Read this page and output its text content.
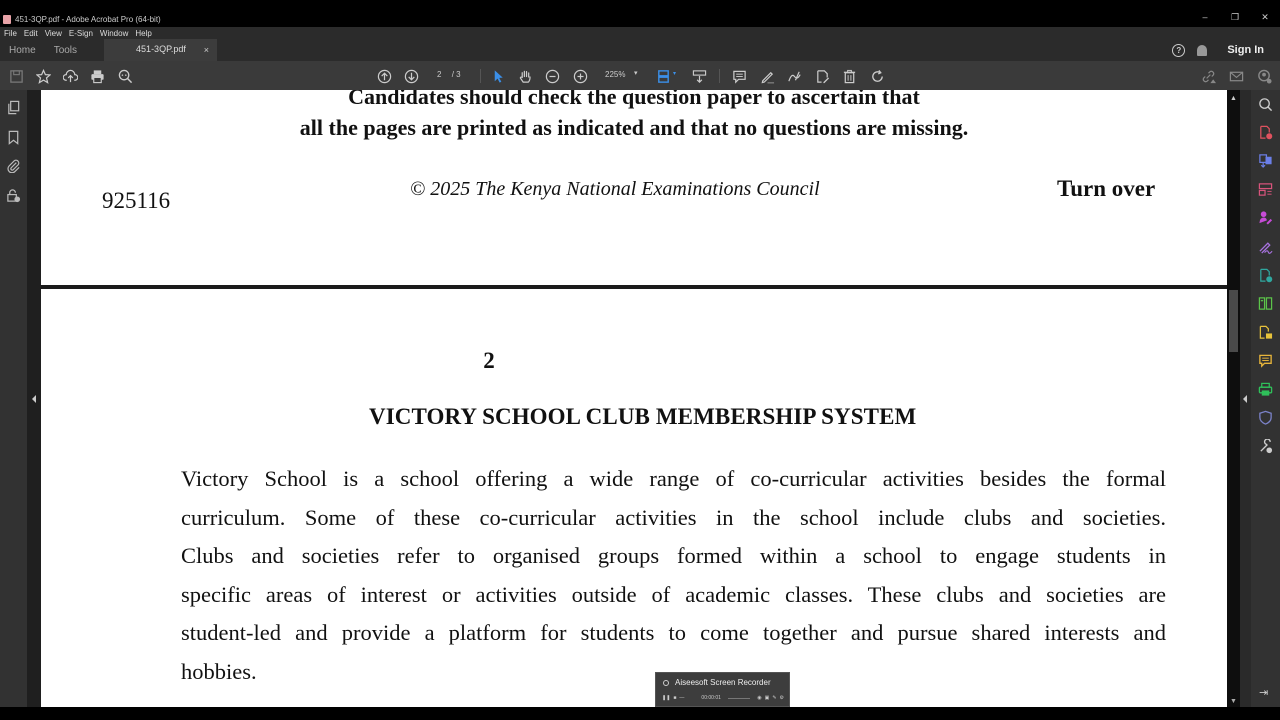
451-3QP.pdf - Adobe Acrobat Pro (64-bit)	–	❐	✕
File Edit View E-Sign Window Help
Home	Tools	451-3QP.pdf ×	?	Sign In
2 / 3	225% ▾	▾
Candidates should check the question paper to ascertain that
all the pages are printed as indicated and that no questions are missing.
925116	© 2025 The Kenya National Examinations Council	Turn over
2
VICTORY SCHOOL CLUB MEMBERSHIP SYSTEM
Victory School is a school offering a wide range of co-curricular activities besides the formal
curriculum. Some of these co-curricular activities in the school include clubs and societies.
Clubs and societies refer to organised groups formed within a school to engage students in
specific areas of interest or activities outside of academic classes. These clubs and societies are
student-led and provide a platform for students to come together and pursue shared interests and
hobbies.
▲
▼
⇥
Aiseesoft Screen Recorder
❚❚ ■ —	00:00:01	◉ ▣ ✎ ⚙
